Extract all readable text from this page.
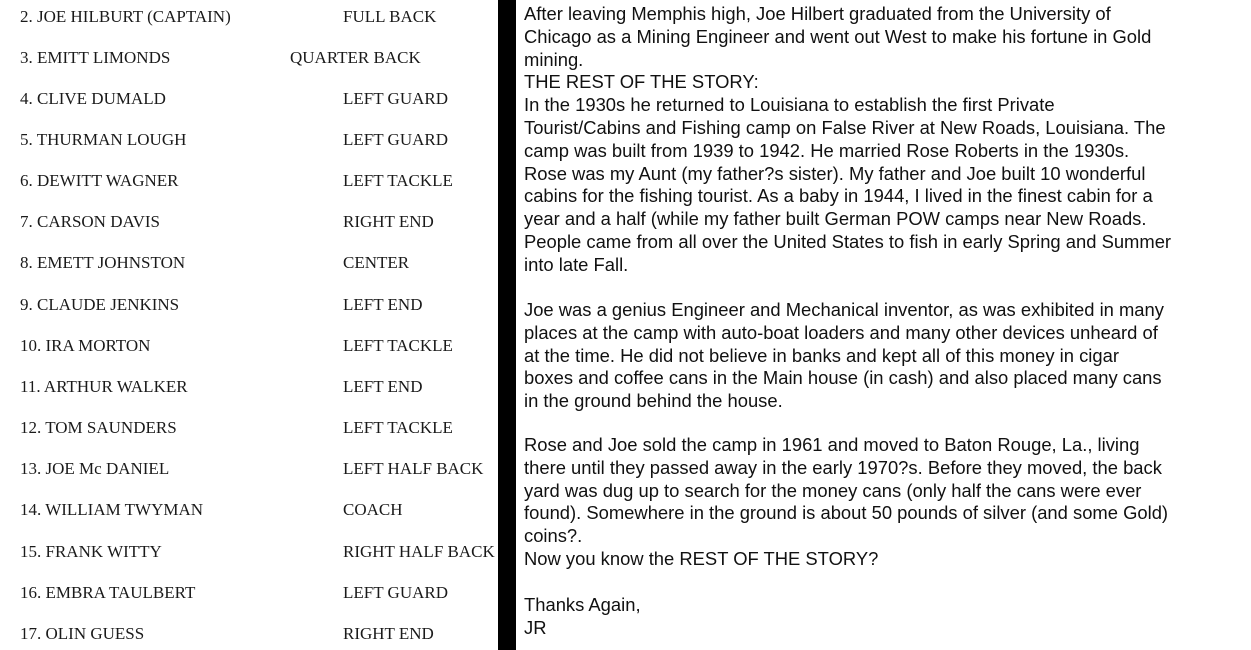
2. JOE HILBURT (CAPTAIN)	FULL BACK
3. EMITT LIMONDS	QUARTER BACK
4. CLIVE DUMALD	LEFT GUARD
5. THURMAN LOUGH	LEFT GUARD
6. DEWITT WAGNER	LEFT TACKLE
7. CARSON DAVIS	RIGHT END
8. EMETT JOHNSTON	CENTER
9. CLAUDE JENKINS	LEFT END
10. IRA MORTON	LEFT TACKLE
11. ARTHUR WALKER	LEFT END
12. TOM SAUNDERS	LEFT TACKLE
13. JOE Mc DANIEL	LEFT HALF BACK
14. WILLIAM TWYMAN	COACH
15. FRANK WITTY	RIGHT HALF BACK
16. EMBRA TAULBERT	LEFT GUARD
17. OLIN GUESS	RIGHT END
After leaving Memphis high, Joe Hilbert graduated from the University of
Chicago as a Mining Engineer and went out West to make his fortune in Gold
mining.
THE REST OF THE STORY:
In the 1930s he returned to Louisiana to establish the first Private
Tourist/Cabins and Fishing camp on False River at New Roads, Louisiana. The
camp was built from 1939 to 1942. He married Rose Roberts in the 1930s.
Rose was my Aunt (my father?s sister). My father and Joe built 10 wonderful
cabins for the fishing tourist. As a baby in 1944, I lived in the finest cabin for a
year and a half (while my father built German POW camps near New Roads.
People came from all over the United States to fish in early Spring and Summer
into late Fall.
Joe was a genius Engineer and Mechanical inventor, as was exhibited in many
places at the camp with auto-boat loaders and many other devices unheard of
at the time. He did not believe in banks and kept all of this money in cigar
boxes and coffee cans in the Main house (in cash) and also placed many cans
in the ground behind the house.
Rose and Joe sold the camp in 1961 and moved to Baton Rouge, La., living
there until they passed away in the early 1970?s. Before they moved, the back
yard was dug up to search for the money cans (only half the cans were ever
found). Somewhere in the ground is about 50 pounds of silver (and some Gold)
coins?.
Now you know the REST OF THE STORY?
Thanks Again,
JR
